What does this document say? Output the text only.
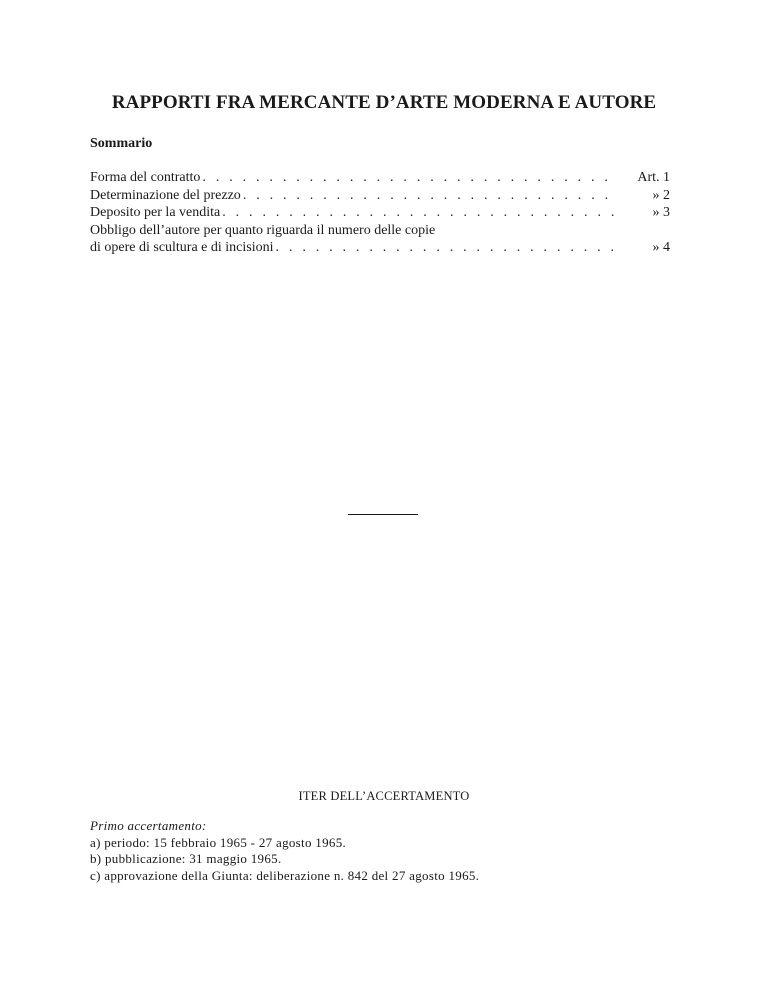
RAPPORTI FRA MERCANTE D’ARTE MODERNA E AUTORE
Sommario
Forma del contratto . . .	Art. 1
Determinazione del prezzo . . .	» 2
Deposito per la vendita . . .	» 3
Obbligo dell’autore per quanto riguarda il numero delle copie
di opere di scultura e di incisioni . . .	» 4
ITER DELL’ACCERTAMENTO
Primo accertamento:
a) periodo: 15 febbraio 1965 - 27 agosto 1965.
b) pubblicazione: 31 maggio 1965.
c) approvazione della Giunta: deliberazione n. 842 del 27 agosto 1965.
